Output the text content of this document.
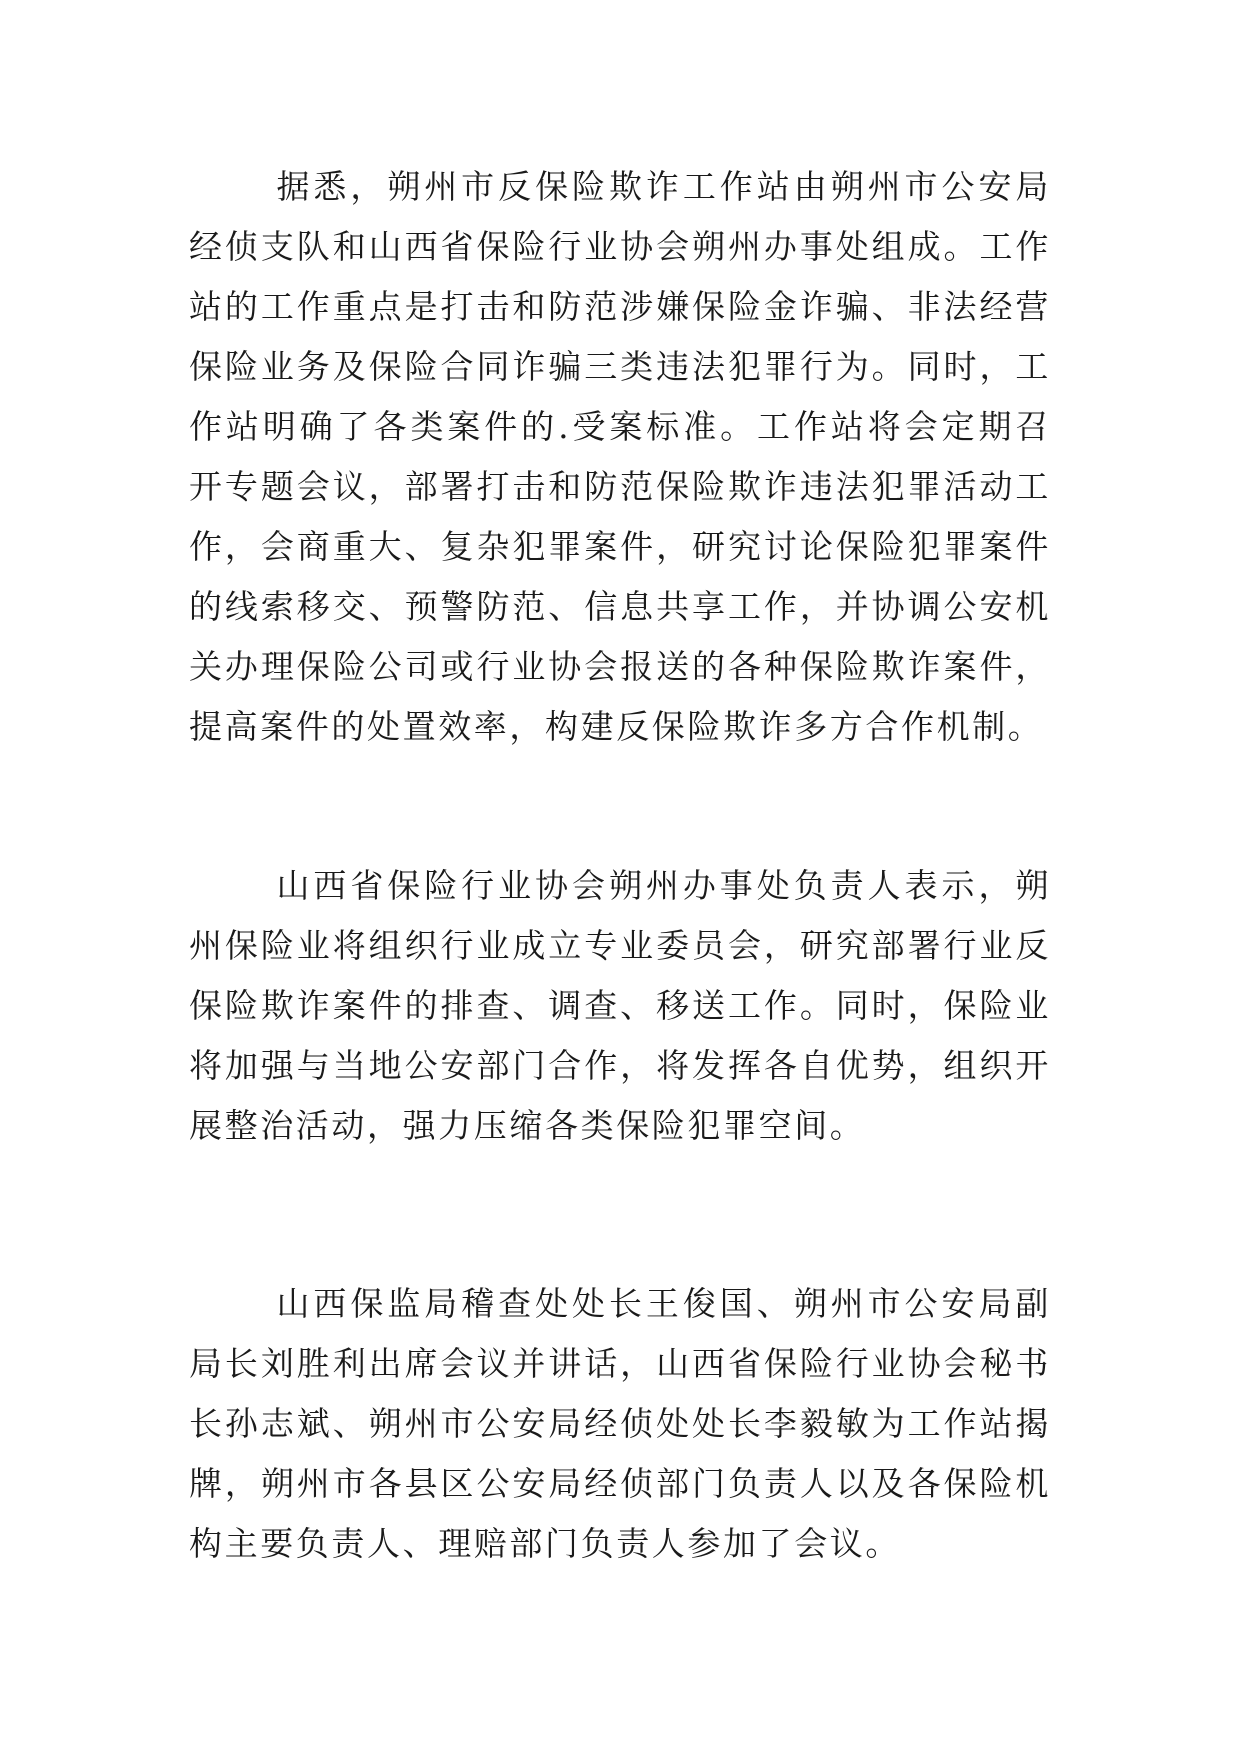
据悉，朔州市反保险欺诈工作站由朔州市公安局经侦支队和山西省保险行业协会朔州办事处组成。工作站的工作重点是打击和防范涉嫌保险金诈骗、非法经营保险业务及保险合同诈骗三类违法犯罪行为。同时，工作站明确了各类案件的.受案标准。工作站将会定期召开专题会议，部署打击和防范保险欺诈违法犯罪活动工作，会商重大、复杂犯罪案件，研究讨论保险犯罪案件的线索移交、预警防范、信息共享工作，并协调公安机关办理保险公司或行业协会报送的各种保险欺诈案件，提高案件的处置效率，构建反保险欺诈多方合作机制。

山西省保险行业协会朔州办事处负责人表示，朔州保险业将组织行业成立专业委员会，研究部署行业反保险欺诈案件的排查、调查、移送工作。同时，保险业将加强与当地公安部门合作，将发挥各自优势，组织开展整治活动，强力压缩各类保险犯罪空间。

山西保监局稽查处处长王俊国、朔州市公安局副局长刘胜利出席会议并讲话，山西省保险行业协会秘书长孙志斌、朔州市公安局经侦处处长李毅敏为工作站揭牌，朔州市各县区公安局经侦部门负责人以及各保险机构主要负责人、理赔部门负责人参加了会议。
